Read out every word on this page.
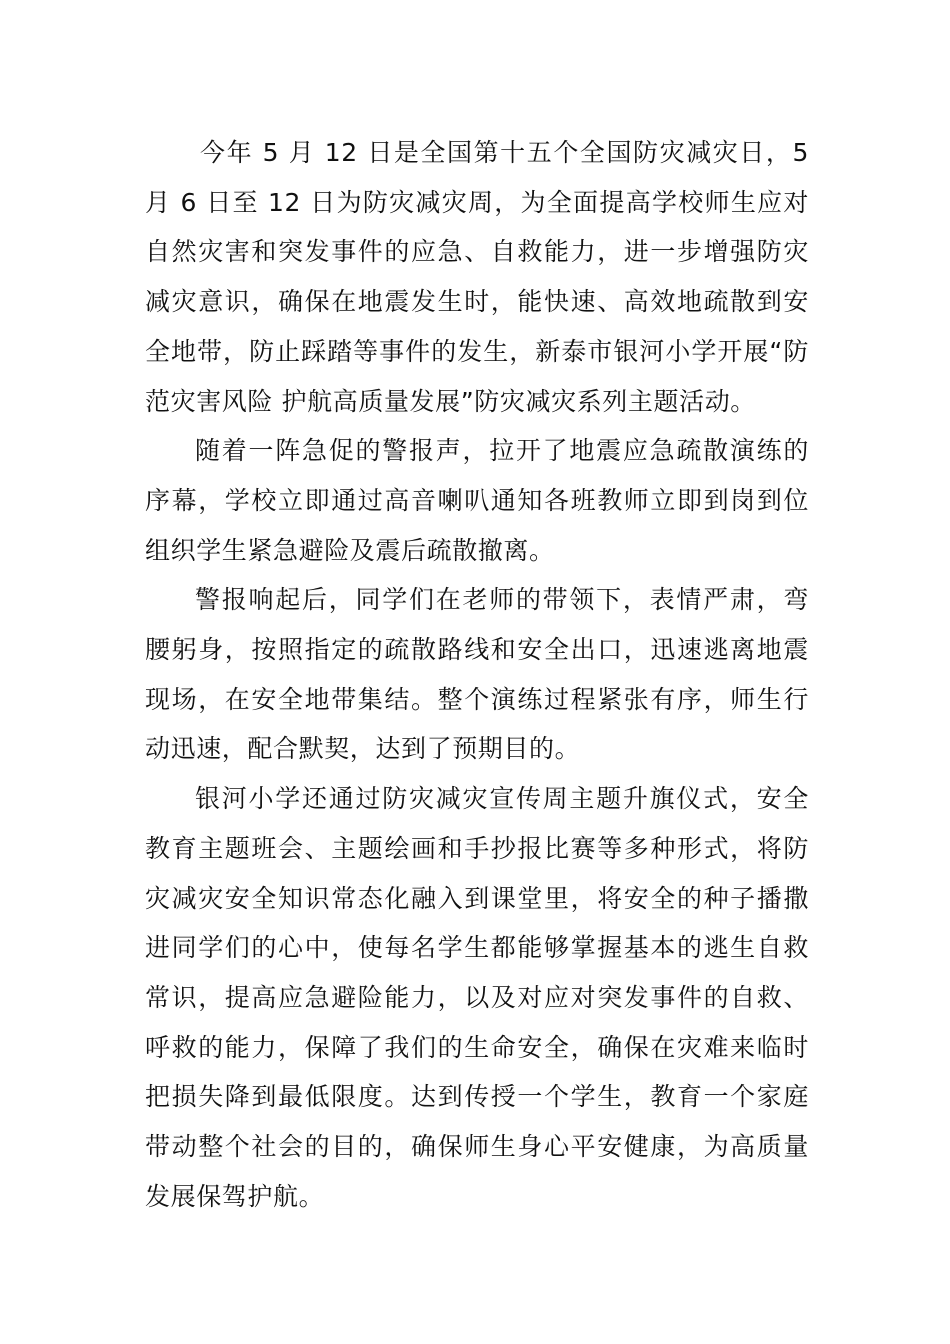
今年 5 月 12 日是全国第十五个全国防灾减灾日，5 月 6 日至 12 日为防灾减灾周，为全面提高学校师生应对自然灾害和突发事件的应急、自救能力，进一步增强防灾减灾意识，确保在地震发生时，能快速、高效地疏散到安全地带，防止踩踏等事件的发生，新泰市银河小学开展“防范灾害风险 护航高质量发展”防灾减灾系列主题活动。

随着一阵急促的警报声，拉开了地震应急疏散演练的序幕，学校立即通过高音喇叭通知各班教师立即到岗到位组织学生紧急避险及震后疏散撤离。

警报响起后，同学们在老师的带领下，表情严肃，弯腰躬身，按照指定的疏散路线和安全出口，迅速逃离地震现场，在安全地带集结。整个演练过程紧张有序，师生行动迅速，配合默契，达到了预期目的。

银河小学还通过防灾减灾宣传周主题升旗仪式，安全教育主题班会、主题绘画和手抄报比赛等多种形式，将防灾减灾安全知识常态化融入到课堂里，将安全的种子播撒进同学们的心中，使每名学生都能够掌握基本的逃生自救常识，提高应急避险能力，以及对应对突发事件的自救、呼救的能力，保障了我们的生命安全，确保在灾难来临时把损失降到最低限度。达到传授一个学生，教育一个家庭带动整个社会的目的，确保师生身心平安健康，为高质量发展保驾护航。
